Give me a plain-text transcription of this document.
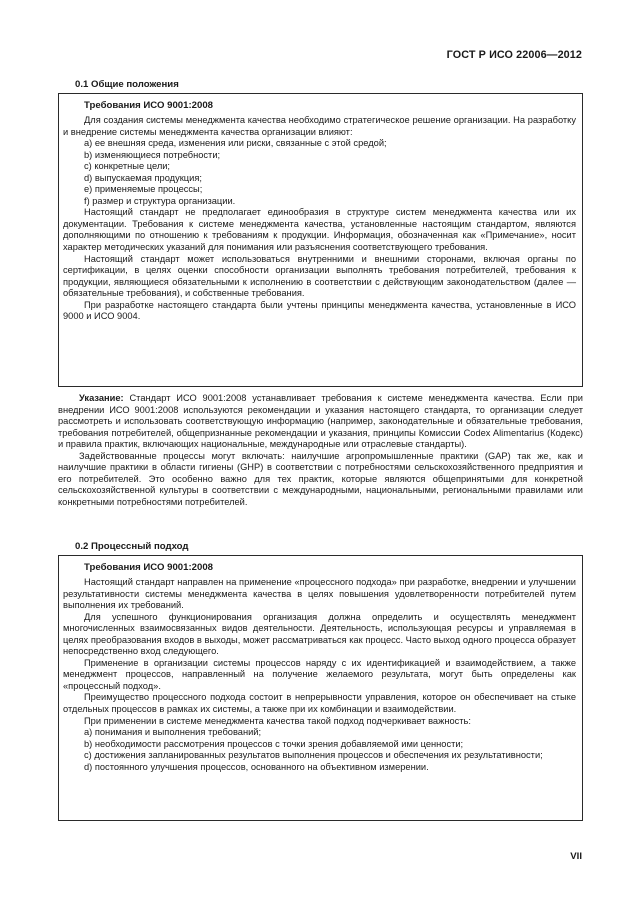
ГОСТ Р ИСО 22006—2012
0.1 Общие положения
Требования ИСО 9001:2008

Для создания системы менеджмента качества необходимо стратегическое решение организации. На разработку и внедрение системы менеджмента качества организации влияют:

a) ее внешняя среда, изменения или риски, связанные с этой средой;

b) изменяющиеся потребности;

c) конкретные цели;

d) выпускаемая продукция;

e) применяемые процессы;

f) размер и структура организации.

Настоящий стандарт не предполагает единообразия в структуре систем менеджмента качества или их документации. Требования к системе менеджмента качества, установленные настоящим стандартом, являются дополняющими по отношению к требованиям к продукции. Информация, обозначенная как «Примечание», носит характер методических указаний для понимания или разъяснения соответствующего требования.

Настоящий стандарт может использоваться внутренними и внешними сторонами, включая органы по сертификации, в целях оценки способности организации выполнять требования потребителей, требования к продукции, являющиеся обязательными к исполнению в соответствии с действующим законодательством (далее — обязательные требования), и собственные требования.

При разработке настоящего стандарта были учтены принципы менеджмента качества, установленные в ИСО 9000 и ИСО 9004.

Указание: Стандарт ИСО 9001:2008 устанавливает требования к системе менеджмента качества. Если при внедрении ИСО 9001:2008 используются рекомендации и указания настоящего стандарта, то организации следует рассмотреть и использовать соответствующую информацию (например, законодательные и обязательные требования, требования потребителей, общепризнанные рекомендации и указания, принципы Комиссии Codex Alimentarius (Кодекс) и правила практик, включающих национальные, международные или отраслевые стандарты).

Задействованные процессы могут включать: наилучшие агропромышленные практики (GAP) так же, как и наилучшие практики в области гигиены (GHP) в соответствии с потребностями сельскохозяйственного предприятия и его потребителей. Это особенно важно для тех практик, которые являются общепринятыми для конкретной сельскохозяйственной культуры в соответствии с международными, национальными, региональными правилами или конкретными потребностями потребителей.

0.2 Процессный подход
Требования ИСО 9001:2008

Настоящий стандарт направлен на применение «процессного подхода» при разработке, внедрении и улучшении результативности системы менеджмента качества в целях повышения удовлетворенности потребителей путем выполнения их требований.

Для успешного функционирования организация должна определить и осуществлять менеджмент многочисленных взаимосвязанных видов деятельности. Деятельность, использующая ресурсы и управляемая в целях преобразования входов в выходы, может рассматриваться как процесс. Часто выход одного процесса образует непосредственно вход следующего.

Применение в организации системы процессов наряду с их идентификацией и взаимодействием, а также менеджмент процессов, направленный на получение желаемого результата, могут быть определены как «процессный подход».

Преимущество процессного подхода состоит в непрерывности управления, которое он обеспечивает на стыке отдельных процессов в рамках их системы, а также при их комбинации и взаимодействии.

При применении в системе менеджмента качества такой подход подчеркивает важность:

a) понимания и выполнения требований;

b) необходимости рассмотрения процессов с точки зрения добавляемой ими ценности;

c) достижения запланированных результатов выполнения процессов и обеспечения их результативности;

d) постоянного улучшения процессов, основанного на объективном измерении.

VII
